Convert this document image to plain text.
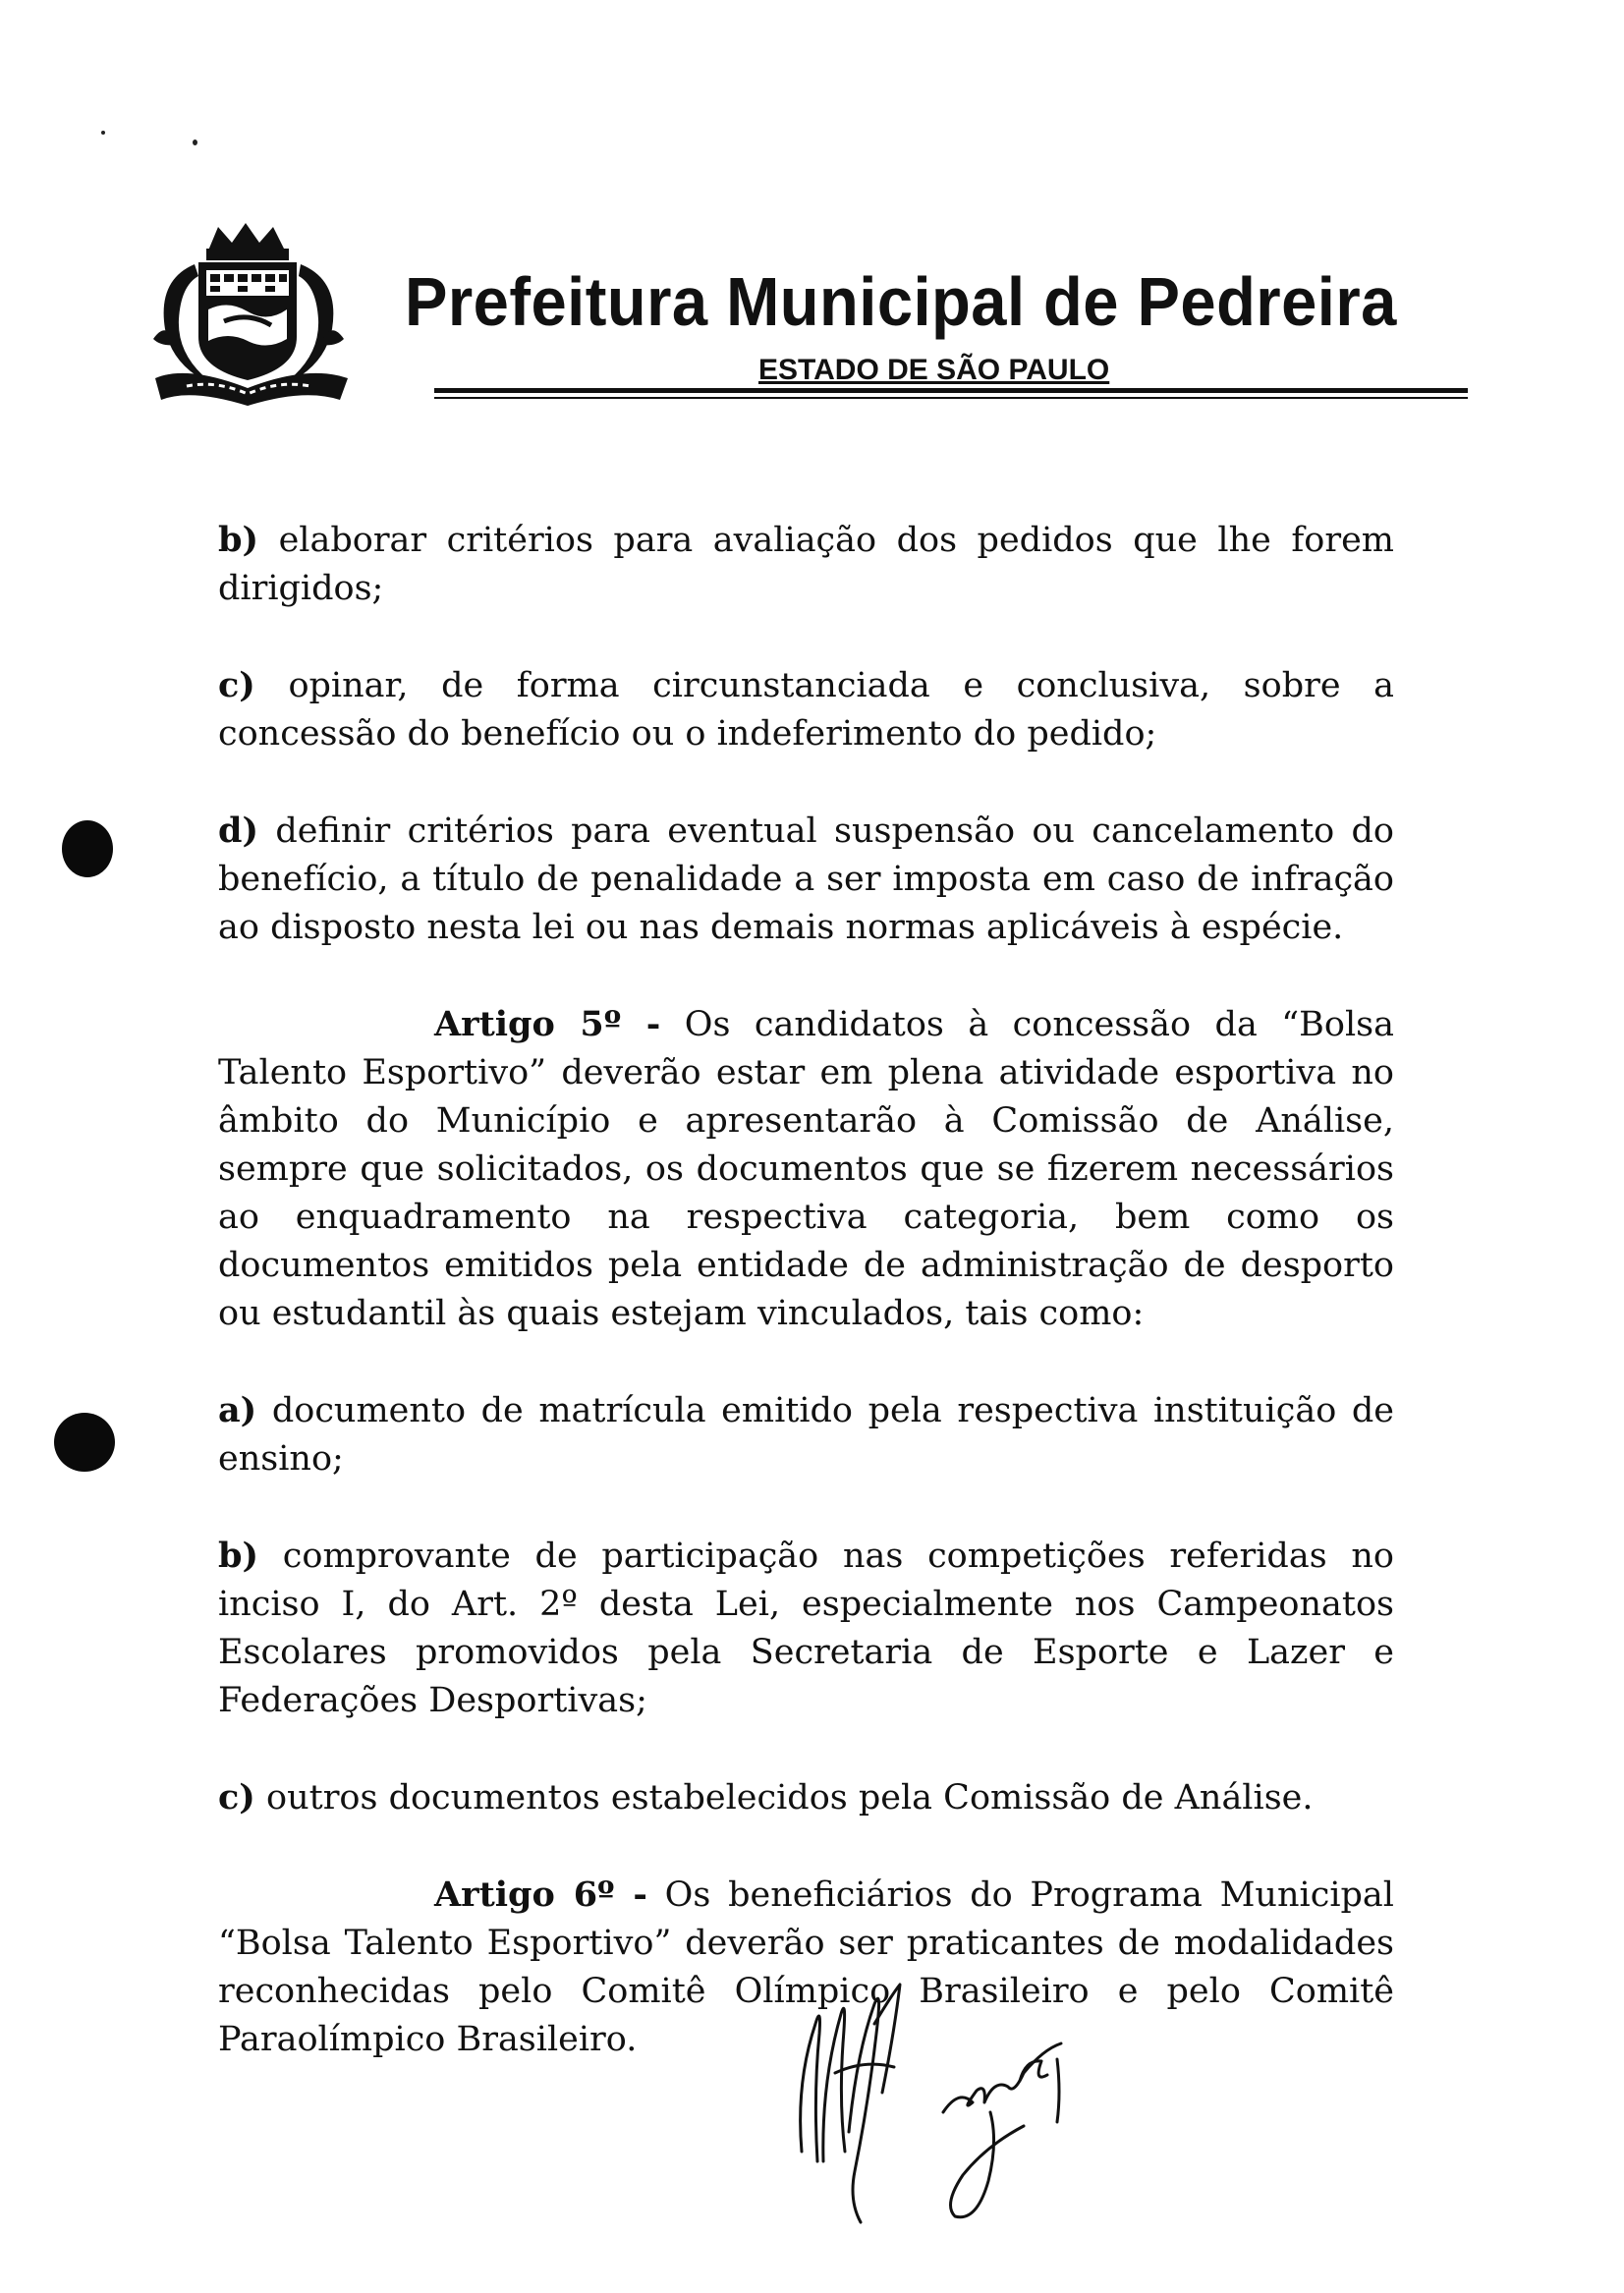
Prefeitura Municipal de Pedreira
ESTADO DE SÃO PAULO

b) elaborar critérios para avaliação dos pedidos que lhe forem dirigidos;

c) opinar, de forma circunstanciada e conclusiva, sobre a concessão do benefício ou o indeferimento do pedido;

d) definir critérios para eventual suspensão ou cancelamento do benefício, a título de penalidade a ser imposta em caso de infração ao disposto nesta lei ou nas demais normas aplicáveis à espécie.

Artigo 5º - Os candidatos à concessão da “Bolsa Talento Esportivo” deverão estar em plena atividade esportiva no âmbito do Município e apresentarão à Comissão de Análise, sempre que solicitados, os documentos que se fizerem necessários ao enquadramento na respectiva categoria, bem como os documentos emitidos pela entidade de administração de desporto ou estudantil às quais estejam vinculados, tais como:

a) documento de matrícula emitido pela respectiva instituição de ensino;

b) comprovante de participação nas competições referidas no inciso I, do Art. 2º desta Lei, especialmente nos Campeonatos Escolares promovidos pela Secretaria de Esporte e Lazer e Federações Desportivas;

c) outros documentos estabelecidos pela Comissão de Análise.

Artigo 6º - Os beneficiários do Programa Municipal “Bolsa Talento Esportivo” deverão ser praticantes de modalidades reconhecidas pelo Comitê Olímpico Brasileiro e pelo Comitê Paraolímpico Brasileiro.
